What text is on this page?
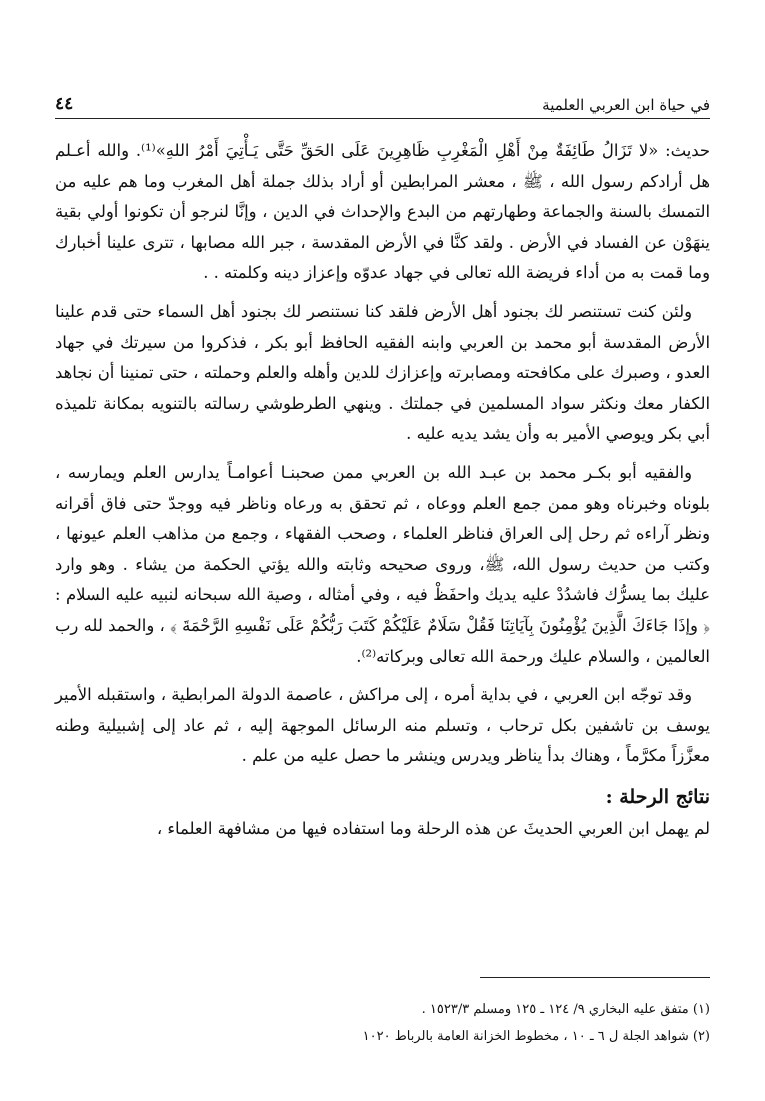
في حياة ابن العربي العلمية
٤٤

حديث: «لا تَزَالُ طَائِفَةٌ مِنْ أَهْلِ الْمَغْرِبِ ظَاهِرِينَ عَلَى الحَقِّ حَتَّى يَـأْتِيَ أَمْرُ اللهِ»⁽¹⁾. والله أعـلم هل أرادكم رسول الله ، ﷺ ، معشر المرابطين أو أراد بذلك جملة أهل المغرب وما هم عليه من التمسك بالسنة والجماعة وطهارتهم من البدع والإحداث في الدين ، وإنَّا لنرجو أن تكونوا أولي بقية ينهَوْن عن الفساد في الأرض . ولقد كنَّا في الأرض المقدسة ، جبر الله مصابها ، تترى علينا أخبارك وما قمت به من أداء فريضة الله تعالى في جهاد عدوّه وإعزاز دينه وكلمته . .

ولئن كنت تستنصر لك بجنود أهل الأرض فلقد كنا نستنصر لك بجنود أهل السماء حتى قدم علينا الأرض المقدسة أبو محمد بن العربي وابنه الفقيه الحافظ أبو بكر ، فذكروا من سيرتك في جهاد العدو ، وصبرك على مكافحته ومصابرته وإعزازك للدين وأهله والعلم وحملته ، حتى تمنينا أن نجاهد الكفار معك ونكثر سواد المسلمين في جملتك . وينهي الطرطوشي رسالته بالتنويه بمكانة تلميذه أبي بكر ويوصي الأمير به وأن يشد يديه عليه .

والفقيه أبو بكـر محمد بن عبـد الله بن العربي ممن صحبنـا أعوامـاً يدارس العلم ويمارسه ، بلوناه وخبرناه وهو ممن جمع العلم ووعاه ، ثم تحقق به ورعاه وناظر فيه ووجدّ حتى فاق أقرانه ونظر آراءه ثم رحل إلى العراق فناظر العلماء ، وصحب الفقهاء ، وجمع من مذاهب العلم عيونها ، وكتب من حديث رسول الله، ﷺ، وروى صحيحه وثابته والله يؤتي الحكمة من يشاء . وهو وارد عليك بما يسرُّك فاشدُدْ عليه يديك واحفَظْ فيه ، وفي أمثاله ، وصية الله سبحانه لنبيه عليه السلام : ﴿ وإذَا جَاءَكَ الَّذِينَ يُؤْمِنُونَ بِآيَاتِنَا فَقُلْ سَلَامٌ عَلَيْكُمْ كَتَبَ رَبُّكُمْ عَلَى نَفْسِهِ الرَّحْمَةَ ﴾ ، والحمد لله رب العالمين ، والسلام عليك ورحمة الله تعالى وبركاته⁽²⁾.

وقد توجّه ابن العربي ، في بداية أمره ، إلى مراكش ، عاصمة الدولة المرابطية ، واستقبله الأمير يوسف بن تاشفين بكل ترحاب ، وتسلم منه الرسائل الموجهة إليه ، ثم عاد إلى إشبيلية وطنه معزَّزاً مكرَّماً ، وهناك بدأ يناظر ويدرس وينشر ما حصل عليه من علم .

نتائج الرحلة :

لم يهمل ابن العربي الحديثَ عن هذه الرحلة وما استفاده فيها من مشافهة العلماء ،

(١) متفق عليه البخاري ٩/ ١٢٤ ـ ١٢٥ ومسلم ١٥٢٣/٣ .
(٢) شواهد الجلة ل ٦ ـ ١٠ ، مخطوط الخزانة العامة بالرباط ١٠٢٠
